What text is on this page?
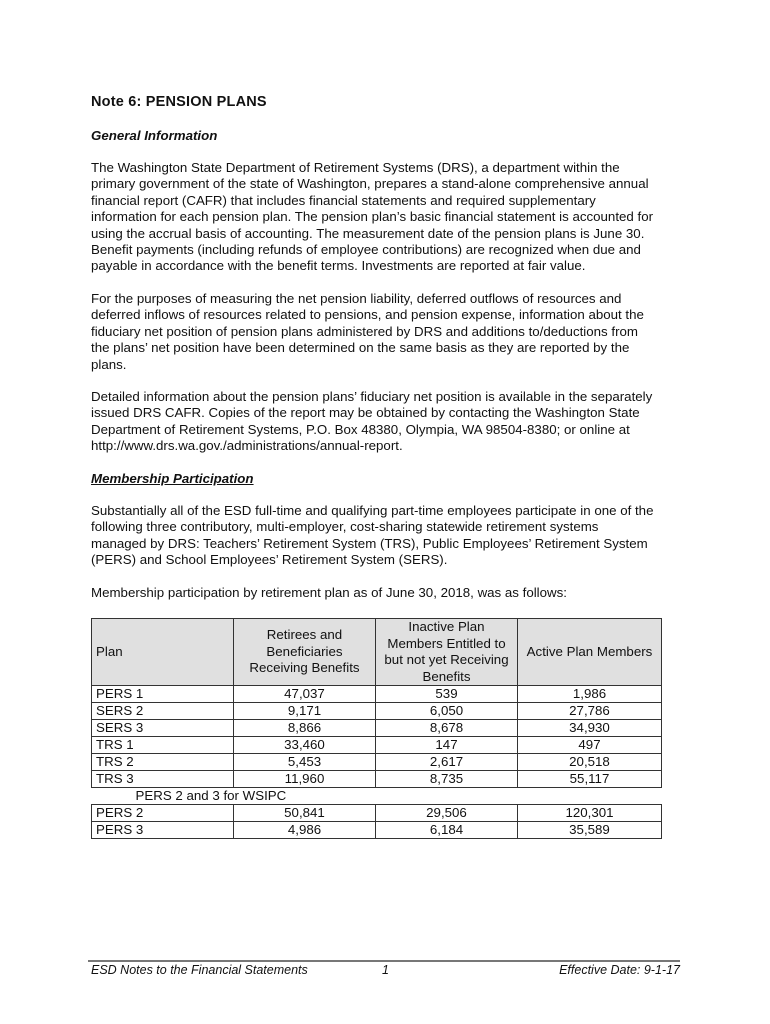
Note 6: PENSION PLANS
General Information
The Washington State Department of Retirement Systems (DRS), a department within the
primary government of the state of Washington, prepares a stand-alone comprehensive annual
financial report (CAFR) that includes financial statements and required supplementary
information for each pension plan. The pension plan’s basic financial statement is accounted for
using the accrual basis of accounting. The measurement date of the pension plans is June 30.
Benefit payments (including refunds of employee contributions) are recognized when due and
payable in accordance with the benefit terms. Investments are reported at fair value.
For the purposes of measuring the net pension liability, deferred outflows of resources and
deferred inflows of resources related to pensions, and pension expense, information about the
fiduciary net position of pension plans administered by DRS and additions to/deductions from
the plans’ net position have been determined on the same basis as they are reported by the
plans.
Detailed information about the pension plans’ fiduciary net position is available in the separately
issued DRS CAFR. Copies of the report may be obtained by contacting the Washington State
Department of Retirement Systems, P.O. Box 48380, Olympia, WA 98504-8380; or online at
http://www.drs.wa.gov./administrations/annual-report.
Membership Participation
Substantially all of the ESD full-time and qualifying part-time employees participate in one of the
following three contributory, multi-employer, cost-sharing statewide retirement systems
managed by DRS: Teachers’ Retirement System (TRS), Public Employees’ Retirement System
(PERS) and School Employees’ Retirement System (SERS).
Membership participation by retirement plan as of June 30, 2018, was as follows:
Plan	Retirees and Beneficiaries Receiving Benefits	Inactive Plan Members Entitled to but not yet Receiving Benefits	Active Plan Members
PERS 1	47,037	539	1,986
SERS 2	9,171	6,050	27,786
SERS 3	8,866	8,678	34,930
TRS 1	33,460	147	497
TRS 2	5,453	2,617	20,518
TRS 3	11,960	8,735	55,117
PERS 2 and 3 for WSIPC			
PERS 2	50,841	29,506	120,301
PERS 3	4,986	6,184	35,589
ESD Notes to the Financial Statements	1	Effective Date: 9-1-17
